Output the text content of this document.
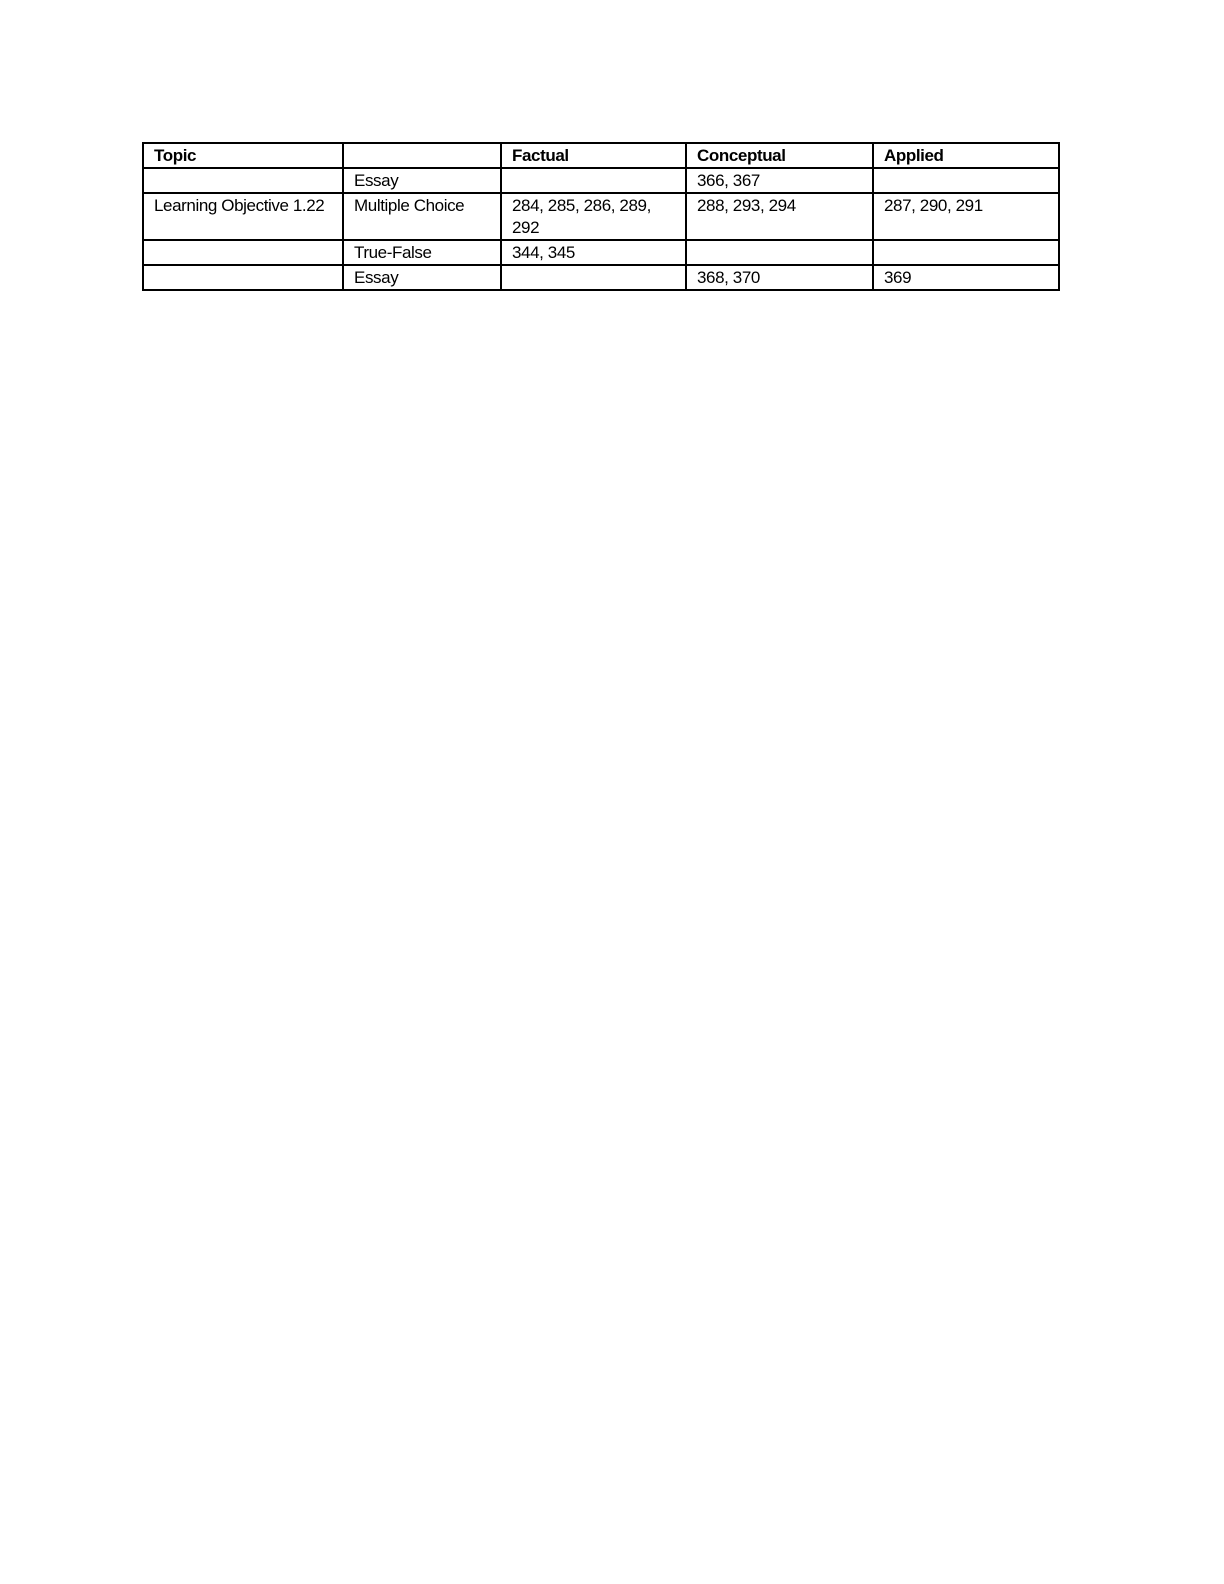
Topic		Factual	Conceptual	Applied
	Essay		366, 367	
Learning Objective 1.22	Multiple Choice	284, 285, 286, 289, 292	288, 293, 294	287, 290, 291
	True-False	344, 345		
	Essay		368, 370	369
